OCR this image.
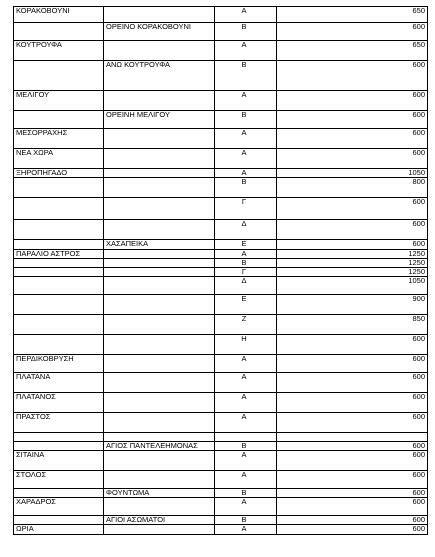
ΚΟΡΑΚΟΒΟΥΝΙ		Α	650
	ΟΡΕΙΝΟ ΚΟΡΑΚΟΒΟΥΝΙ	Β	600
ΚΟΥΤΡΟΥΦΑ		Α	650
	ΑΝΩ ΚΟΥΤΡΟΥΦΑ	Β	600
ΜΕΛΙΓΟΥ		Α	600
	ΟΡΕΙΝΗ ΜΕΛΙΓΟΥ	Β	600
ΜΕΣΟΡΡΑΧΗΣ		Α	600
ΝΕΑ ΧΩΡΑ		Α	600
ΞΗΡΟΠΗΓΑΔΟ		Α	1050
		Β	800
		Γ	600
		Δ	600
	ΧΑΣΑΠΕΙΚΑ	Ε	600
ΠΑΡΑΛΙΟ ΑΣΤΡΟΣ		Α	1250
		Β	1250
		Γ	1250
		Δ	1050
		Ε	900
		Ζ	850
		Η	600
ΠΕΡΔΙΚΟΒΡΥΣΗ		Α	600
ΠΛΑΤΑΝΑ		Α	600
ΠΛΑΤΑΝΟΣ		Α	600
ΠΡΑΣΤΟΣ		Α	600

	ΑΓΙΟΣ ΠΑΝΤΕΛΕΗΜΟΝΑΣ	Β	600
ΣΙΤΑΙΝΑ		Α	600
ΣΤΟΛΟΣ		Α	600
	ΦΟΥΝΤΩΜΑ	Β	600
ΧΑΡΑΔΡΟΣ		Α	600
	ΑΓΙΟΙ ΑΣΩΜΑΤΟΙ	Β	600
ΩΡΙΑ		Α	600
